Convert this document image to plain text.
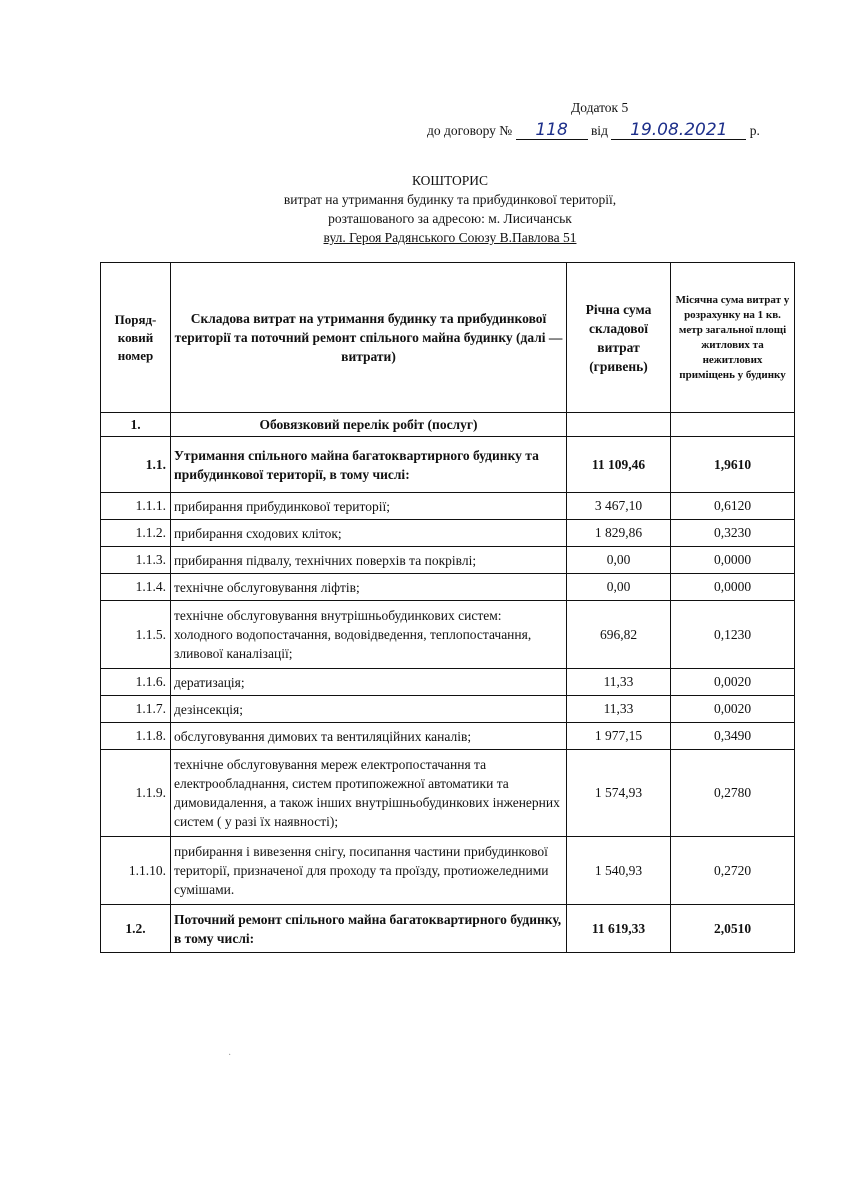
Додаток 5
до договору № 118 від 19.08.2021 р.
КОШТОРИС
витрат на утримання будинку та прибудинкової території,
розташованого за адресою: м. Лисичанськ
вул. Героя Радянського Союзу В.Павлова 51
Поряд-ковий номер	Складова витрат на утримання будинку та прибудинкової території та поточний ремонт спільного майна будинку (далі — витрати)	Річна сума складової витрат (гривень)	Місячна сума витрат у розрахунку на 1 кв. метр загальної площі житлових та нежитлових приміщень у будинку
1.	Обовязковий перелік робіт (послуг)		
1.1.	Утримання спільного майна багатоквартирного будинку та прибудинкової території, в тому числі:	11 109,46	1,9610
1.1.1.	прибирання прибудинкової території;	3 467,10	0,6120
1.1.2.	прибирання сходових кліток;	1 829,86	0,3230
1.1.3.	прибирання підвалу, технічних поверхів та покрівлі;	0,00	0,0000
1.1.4.	технічне обслуговування ліфтів;	0,00	0,0000
1.1.5.	технічне обслуговування внутрішньобудинкових систем: холодного водопостачання, водовідведення, теплопостачання, зливової каналізації;	696,82	0,1230
1.1.6.	дератизація;	11,33	0,0020
1.1.7.	дезінсекція;	11,33	0,0020
1.1.8.	обслуговування димових та вентиляційних каналів;	1 977,15	0,3490
1.1.9.	технічне обслуговування мереж електропостачання та електрообладнання, систем протипожежної автоматики та димовидалення, а також інших внутрішньобудинкових інженерних систем ( у разі їх наявності);	1 574,93	0,2780
1.1.10.	прибирання і вивезення снігу, посипання частини прибудинкової території, призначеної для проходу та проїзду, протиожеледними сумішами.	1 540,93	0,2720
1.2.	Поточний ремонт спільного майна багатоквартирного будинку, в тому числі:	11 619,33	2,0510
·
